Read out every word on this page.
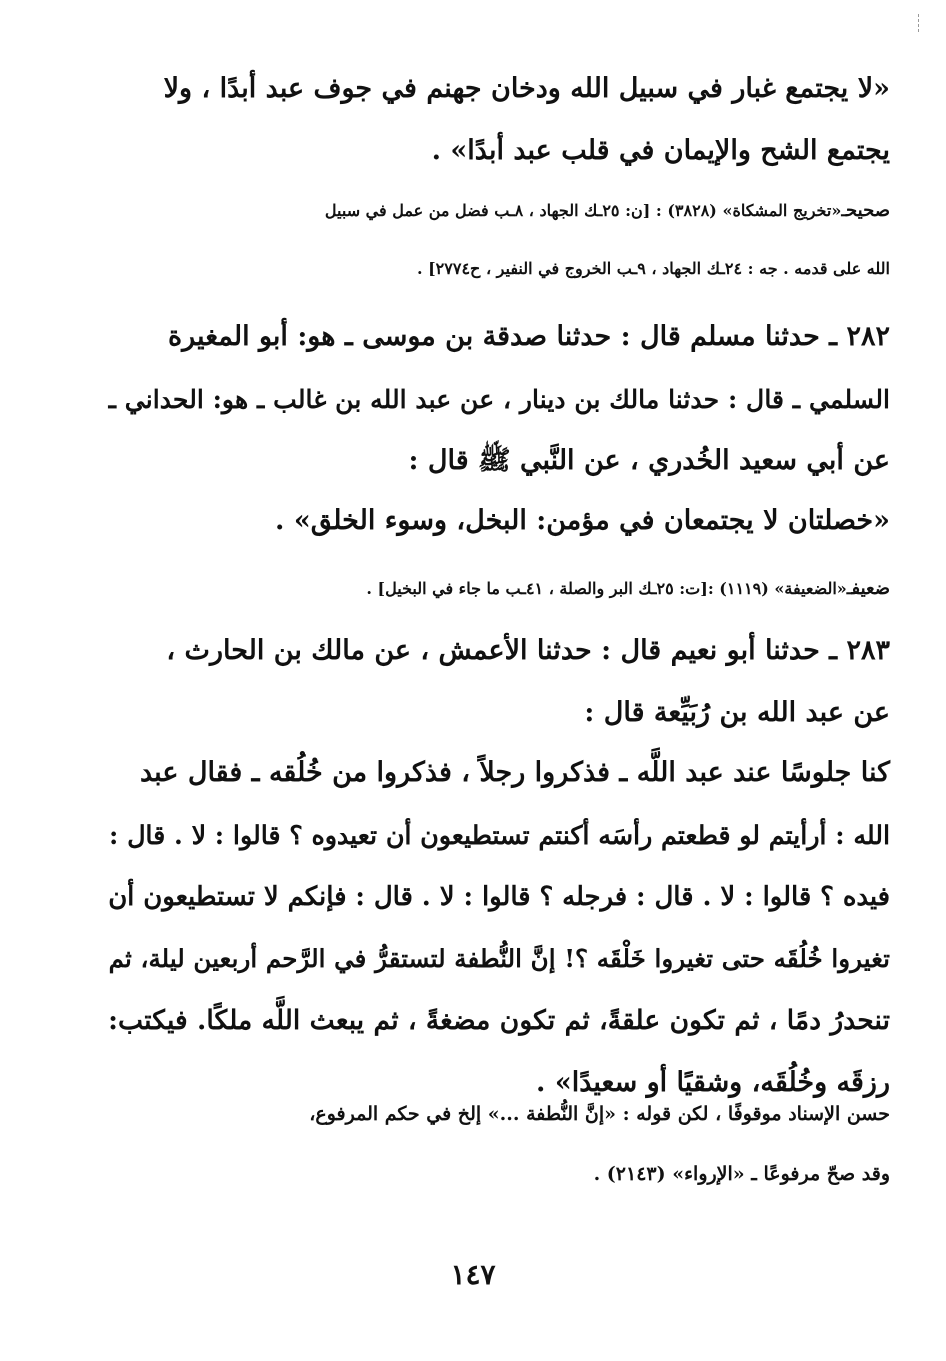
«لا يجتمع غبار في سبيل الله ودخان جهنم في جوف عبد أبدًا ، ولا
يجتمع الشح والإيمان في قلب عبد أبدًا» .
صحيحـ«تخريج المشكاة» (٣٨٢٨) : [ن: ٢٥ـك الجهاد ، ٨ـب فضل من عمل في سبيل
الله على قدمه . جه : ٢٤ـك الجهاد ، ٩ـب الخروج في النفير ، ح٢٧٧٤] .
٢٨٢ ـ حدثنا مسلم قال : حدثنا صدقة بن موسى ـ هو: أبو المغيرة
السلمي ـ قال : حدثنا مالك بن دينار ، عن عبد الله بن غالب ـ هو: الحداني ـ
عن أبي سعيد الخُدري ، عن النَّبي ﷺ قال :
«خصلتان لا يجتمعان في مؤمن: البخل، وسوء الخلق» .
ضعيفـ«الضعيفة» (١١١٩) :[ت: ٢٥ـك البر والصلة ، ٤١ـب ما جاء في البخيل] .
٢٨٣ ـ حدثنا أبو نعيم قال : حدثنا الأعمش ، عن مالك بن الحارث ،
عن عبد الله بن رُبَيِّعة قال :
كنا جلوسًا عند عبد اللَّه ـ فذكروا رجلاً ، فذكروا من خُلُقه ـ فقال عبد
الله : أرأيتم لو قطعتم رأسَه أكنتم تستطيعون أن تعيدوه ؟ قالوا : لا . قال :
فيده ؟ قالوا : لا . قال : فرجله ؟ قالوا : لا . قال : فإنكم لا تستطيعون أن
تغيروا خُلُقَه حتى تغيروا خَلْقَه ؟! إنَّ النُّطفة لتستقرُّ في الرَّحم أربعين ليلة، ثم
تنحدرُ دمًا ، ثم تكون علقةً، ثم تكون مضغةً ، ثم يبعث اللَّه ملكًا. فيكتب:
رزقَه وخُلُقَه، وشقيًا أو سعيدًا» .
حسن الإسناد موقوفًا ، لكن قوله : «إنَّ النُّطفة ...» إلخ في حكم المرفوع،
وقد صحّ مرفوعًا ـ «الإرواء» (٢١٤٣) .
١٤٧
